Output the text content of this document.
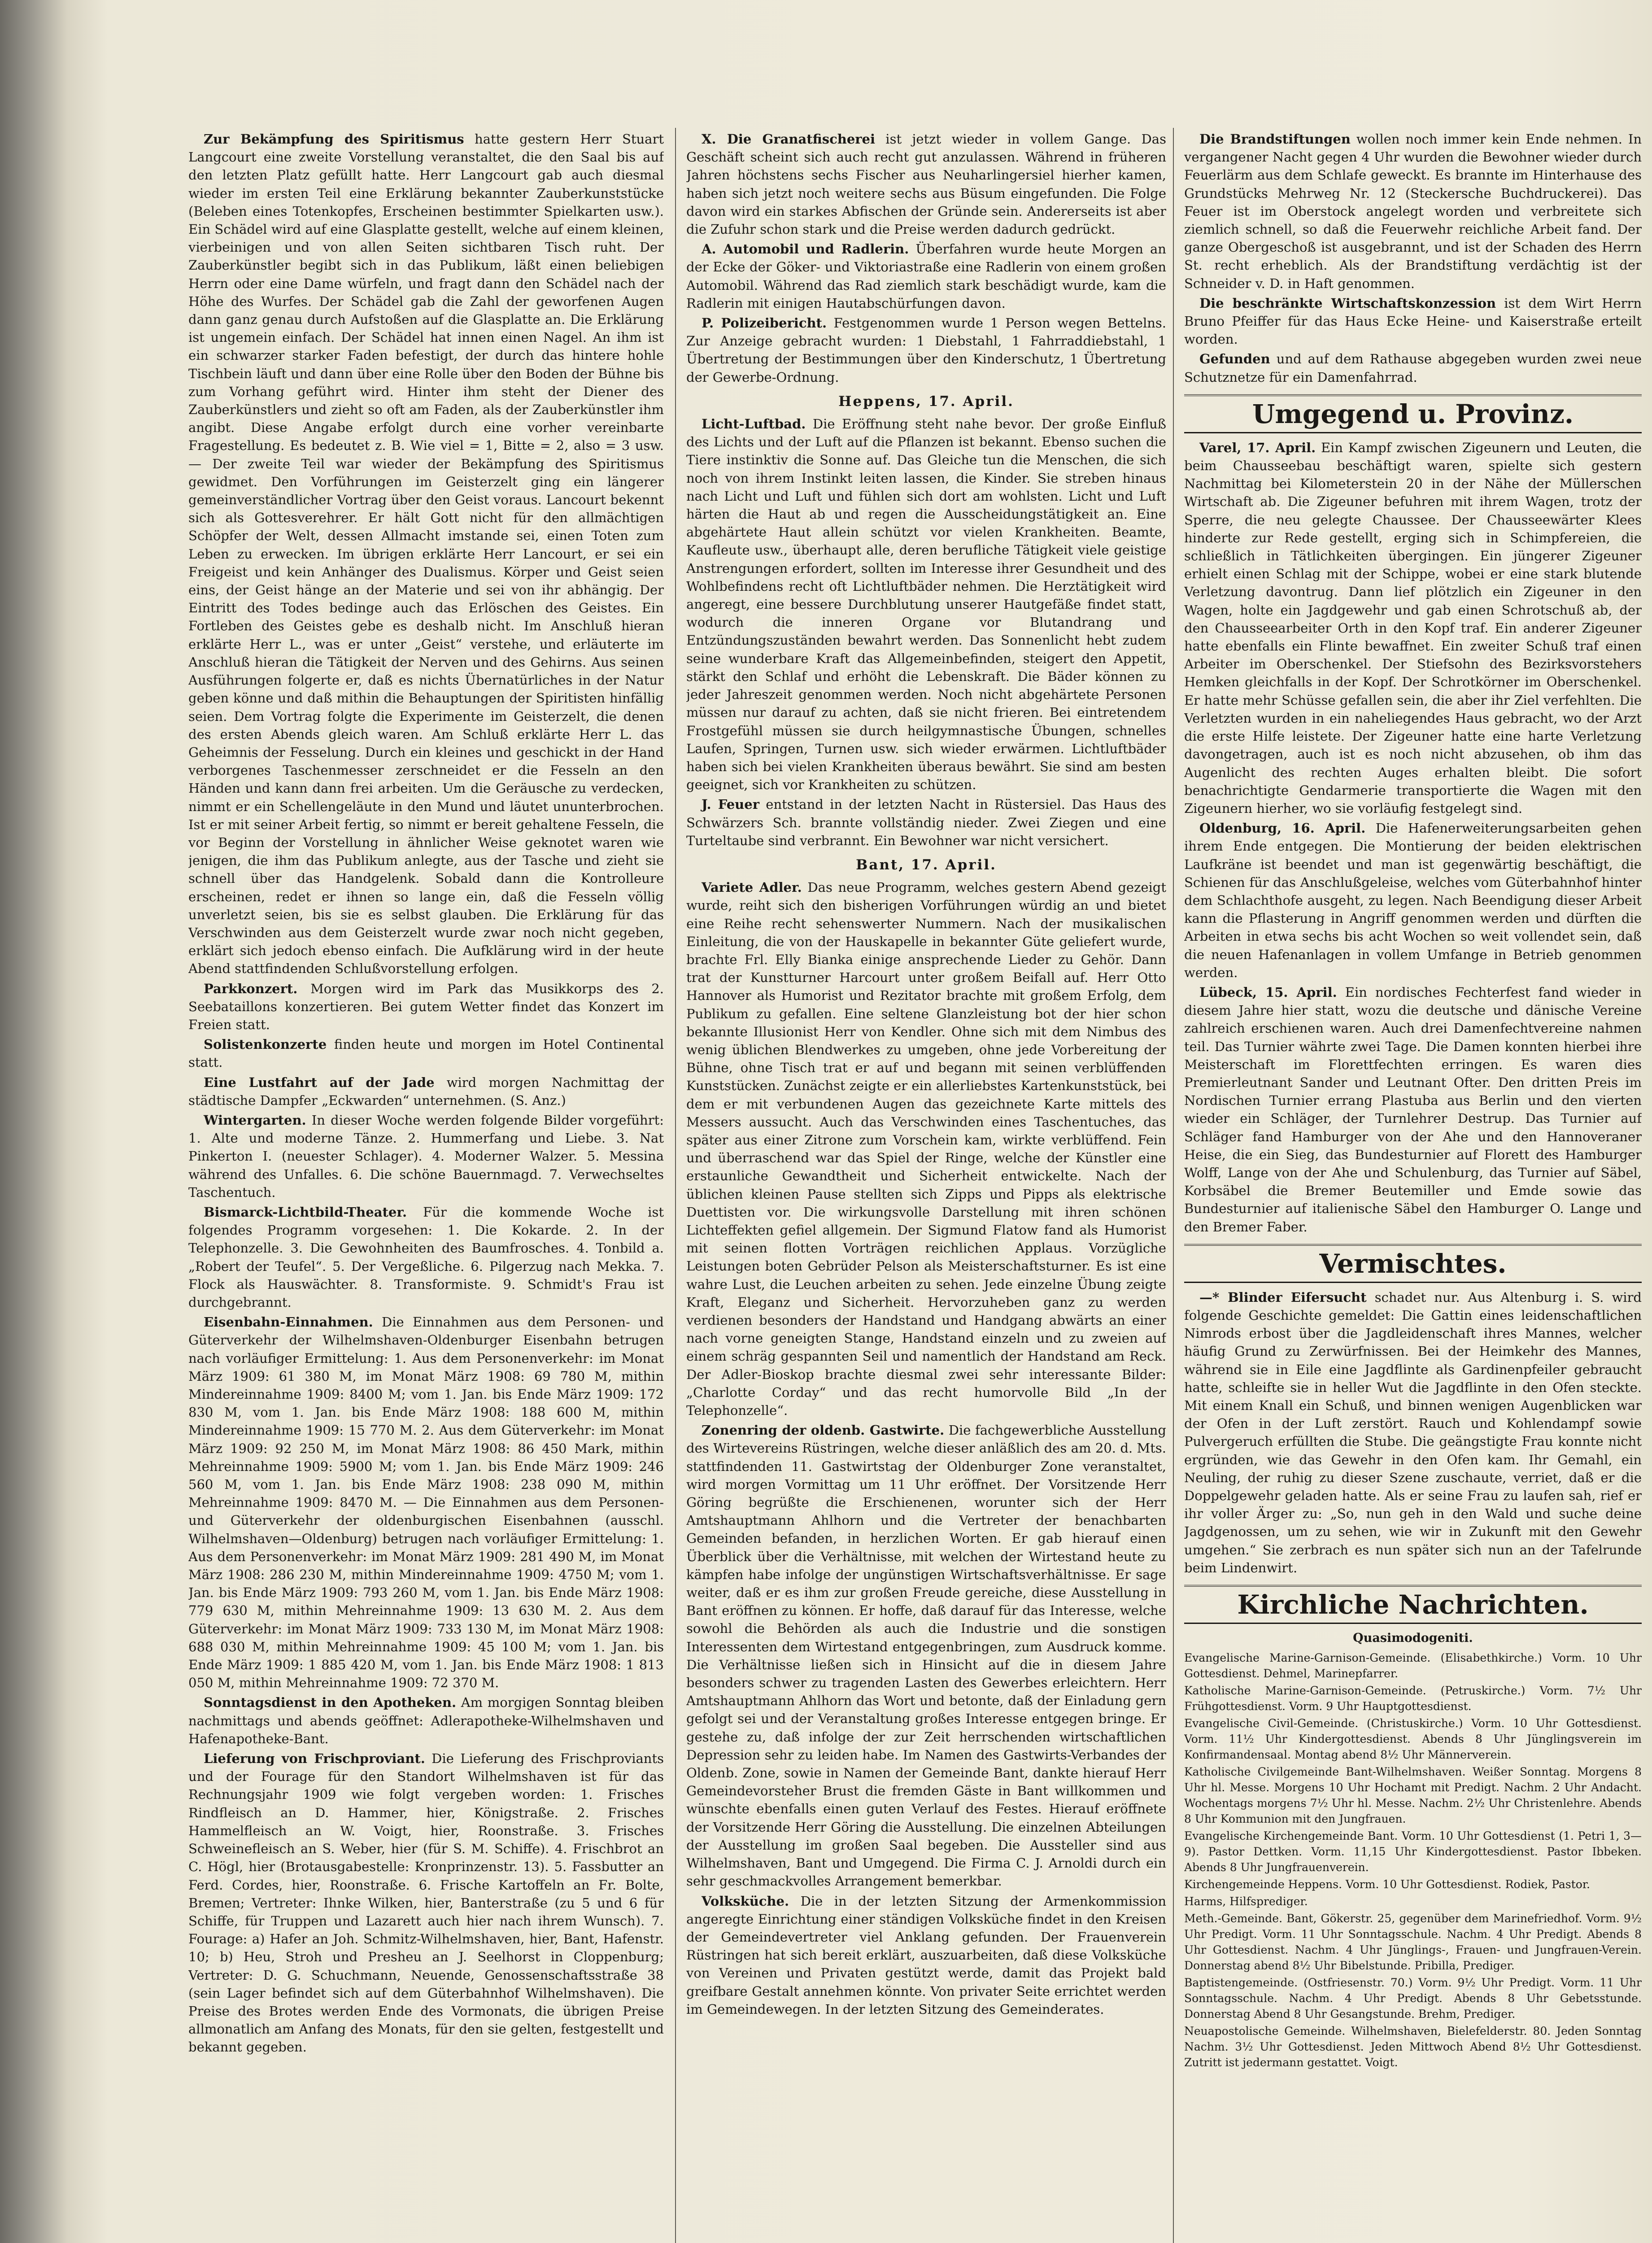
Zur Bekämpfung des Spiritismus hatte gestern Herr Stuart Langcourt eine zweite Vorstellung veranstaltet, die den Saal bis auf den letzten Platz gefüllt hatte. Herr Langcourt gab auch diesmal wieder im ersten Teil eine Erklärung bekannter Zauberkunststücke (Beleben eines Totenkopfes, Erscheinen bestimmter Spielkarten usw.). Ein Schädel wird auf eine Glasplatte gestellt, welche auf einem kleinen, vierbeinigen und von allen Seiten sichtbaren Tisch ruht. Der Zauberkünstler begibt sich in das Publikum, läßt einen beliebigen Herrn oder eine Dame würfeln, und fragt dann den Schädel nach der Höhe des Wurfes. Der Schädel gab die Zahl der geworfenen Augen dann ganz genau durch Aufstoßen auf die Glasplatte an. Die Erklärung ist ungemein einfach. Der Schädel hat innen einen Nagel. An ihm ist ein schwarzer starker Faden befestigt, der durch das hintere hohle Tischbein läuft und dann über eine Rolle über den Boden der Bühne bis zum Vorhang geführt wird. Hinter ihm steht der Diener des Zauberkünstlers und zieht so oft am Faden, als der Zauberkünstler ihm angibt. Diese Angabe erfolgt durch eine vorher vereinbarte Fragestellung. Es bedeutet z. B. Wie viel = 1, Bitte = 2, also = 3 usw. — Der zweite Teil war wieder der Bekämpfung des Spiritismus gewidmet. Den Vorführungen im Geisterzelt ging ein längerer gemeinverständlicher Vortrag über den Geist voraus. Lancourt bekennt sich als Gottesverehrer. Er hält Gott nicht für den allmächtigen Schöpfer der Welt, dessen Allmacht imstande sei, einen Toten zum Leben zu erwecken. Im übrigen erklärte Herr Lancourt, er sei ein Freigeist und kein Anhänger des Dualismus. Körper und Geist seien eins, der Geist hänge an der Materie und sei von ihr abhängig. Der Eintritt des Todes bedinge auch das Erlöschen des Geistes. Ein Fortleben des Geistes gebe es deshalb nicht. Im Anschluß hieran erklärte Herr L., was er unter „Geist“ verstehe, und erläuterte im Anschluß hieran die Tätigkeit der Nerven und des Gehirns. Aus seinen Ausführungen folgerte er, daß es nichts Übernatürliches in der Natur geben könne und daß mithin die Behauptungen der Spiritisten hinfällig seien. Dem Vortrag folgte die Experimente im Geisterzelt, die denen des ersten Abends gleich waren. Am Schluß erklärte Herr L. das Geheimnis der Fesselung. Durch ein kleines und geschickt in der Hand verborgenes Taschenmesser zerschneidet er die Fesseln an den Händen und kann dann frei arbeiten. Um die Geräusche zu verdecken, nimmt er ein Schellengeläute in den Mund und läutet ununterbrochen. Ist er mit seiner Arbeit fertig, so nimmt er bereit gehaltene Fesseln, die vor Beginn der Vorstellung in ähnlicher Weise geknotet waren wie jenigen, die ihm das Publikum anlegte, aus der Tasche und zieht sie schnell über das Handgelenk. Sobald dann die Kontrolleure erscheinen, redet er ihnen so lange ein, daß die Fesseln völlig unverletzt seien, bis sie es selbst glauben. Die Erklärung für das Verschwinden aus dem Geisterzelt wurde zwar noch nicht gegeben, erklärt sich jedoch ebenso einfach. Die Aufklärung wird in der heute Abend stattfindenden Schlußvorstellung erfolgen.

Parkkonzert. Morgen wird im Park das Musikkorps des 2. Seebataillons konzertieren. Bei gutem Wetter findet das Konzert im Freien statt.

Solistenkonzerte finden heute und morgen im Hotel Continental statt.

Eine Lustfahrt auf der Jade wird morgen Nachmittag der städtische Dampfer „Eckwarden“ unternehmen. (S. Anz.)

Wintergarten. In dieser Woche werden folgende Bilder vorgeführt: 1. Alte und moderne Tänze. 2. Hummerfang und Liebe. 3. Nat Pinkerton I. (neuester Schlager). 4. Moderner Walzer. 5. Messina während des Unfalles. 6. Die schöne Bauernmagd. 7. Verwechseltes Taschentuch.

Bismarck-Lichtbild-Theater. Für die kommende Woche ist folgendes Programm vorgesehen: 1. Die Kokarde. 2. In der Telephonzelle. 3. Die Gewohnheiten des Baumfrosches. 4. Tonbild a. „Robert der Teufel“. 5. Der Vergeßliche. 6. Pilgerzug nach Mekka. 7. Flock als Hauswächter. 8. Transformiste. 9. Schmidt's Frau ist durchgebrannt.

Eisenbahn-Einnahmen. Die Einnahmen aus dem Personen- und Güterverkehr der Wilhelmshaven-Oldenburger Eisenbahn betrugen nach vorläufiger Ermittelung: 1. Aus dem Personenverkehr: im Monat März 1909: 61 380 M, im Monat März 1908: 69 780 M, mithin Mindereinnahme 1909: 8400 M; vom 1. Jan. bis Ende März 1909: 172 830 M, vom 1. Jan. bis Ende März 1908: 188 600 M, mithin Mindereinnahme 1909: 15 770 M. 2. Aus dem Güterverkehr: im Monat März 1909: 92 250 M, im Monat März 1908: 86 450 Mark, mithin Mehreinnahme 1909: 5900 M; vom 1. Jan. bis Ende März 1909: 246 560 M, vom 1. Jan. bis Ende März 1908: 238 090 M, mithin Mehreinnahme 1909: 8470 M. — Die Einnahmen aus dem Personen- und Güterverkehr der oldenburgischen Eisenbahnen (ausschl. Wilhelmshaven—Oldenburg) betrugen nach vorläufiger Ermittelung: 1. Aus dem Personenverkehr: im Monat März 1909: 281 490 M, im Monat März 1908: 286 230 M, mithin Mindereinnahme 1909: 4750 M; vom 1. Jan. bis Ende März 1909: 793 260 M, vom 1. Jan. bis Ende März 1908: 779 630 M, mithin Mehreinnahme 1909: 13 630 M. 2. Aus dem Güterverkehr: im Monat März 1909: 733 130 M, im Monat März 1908: 688 030 M, mithin Mehreinnahme 1909: 45 100 M; vom 1. Jan. bis Ende März 1909: 1 885 420 M, vom 1. Jan. bis Ende März 1908: 1 813 050 M, mithin Mehreinnahme 1909: 72 370 M.

Sonntagsdienst in den Apotheken. Am morgigen Sonntag bleiben nachmittags und abends geöffnet: Adlerapotheke-Wilhelmshaven und Hafenapotheke-Bant.

Lieferung von Frischproviant. Die Lieferung des Frischproviants und der Fourage für den Standort Wilhelmshaven ist für das Rechnungsjahr 1909 wie folgt vergeben worden: 1. Frisches Rindfleisch an D. Hammer, hier, Königstraße. 2. Frisches Hammelfleisch an W. Voigt, hier, Roonstraße. 3. Frisches Schweinefleisch an S. Weber, hier (für S. M. Schiffe). 4. Frischbrot an C. Högl, hier (Brotausgabestelle: Kronprinzenstr. 13). 5. Fassbutter an Ferd. Cordes, hier, Roonstraße. 6. Frische Kartoffeln an Fr. Bolte, Bremen; Vertreter: Ihnke Wilken, hier, Banterstraße (zu 5 und 6 für Schiffe, für Truppen und Lazarett auch hier nach ihrem Wunsch). 7. Fourage: a) Hafer an Joh. Schmitz-Wilhelmshaven, hier, Bant, Hafenstr. 10; b) Heu, Stroh und Presheu an J. Seelhorst in Cloppenburg; Vertreter: D. G. Schuchmann, Neuende, Genossenschaftsstraße 38 (sein Lager befindet sich auf dem Güterbahnhof Wilhelmshaven). Die Preise des Brotes werden Ende des Vormonats, die übrigen Preise allmonatlich am Anfang des Monats, für den sie gelten, festgestellt und bekannt gegeben.

X. Die Granatfischerei ist jetzt wieder in vollem Gange. Das Geschäft scheint sich auch recht gut anzulassen. Während in früheren Jahren höchstens sechs Fischer aus Neuharlingersiel hierher kamen, haben sich jetzt noch weitere sechs aus Büsum eingefunden. Die Folge davon wird ein starkes Abfischen der Gründe sein. Andererseits ist aber die Zufuhr schon stark und die Preise werden dadurch gedrückt.

A. Automobil und Radlerin. Überfahren wurde heute Morgen an der Ecke der Göker- und Viktoriastraße eine Radlerin von einem großen Automobil. Während das Rad ziemlich stark beschädigt wurde, kam die Radlerin mit einigen Hautabschürfungen davon.

P. Polizeibericht. Festgenommen wurde 1 Person wegen Bettelns. Zur Anzeige gebracht wurden: 1 Diebstahl, 1 Fahrraddiebstahl, 1 Übertretung der Bestimmungen über den Kinderschutz, 1 Übertretung der Gewerbe-Ordnung.

Heppens, 17. April.

Licht-Luftbad. Die Eröffnung steht nahe bevor. Der große Einfluß des Lichts und der Luft auf die Pflanzen ist bekannt. Ebenso suchen die Tiere instinktiv die Sonne auf. Das Gleiche tun die Menschen, die sich noch von ihrem Instinkt leiten lassen, die Kinder. Sie streben hinaus nach Licht und Luft und fühlen sich dort am wohlsten. Licht und Luft härten die Haut ab und regen die Ausscheidungstätigkeit an. Eine abgehärtete Haut allein schützt vor vielen Krankheiten. Beamte, Kaufleute usw., überhaupt alle, deren berufliche Tätigkeit viele geistige Anstrengungen erfordert, sollten im Interesse ihrer Gesundheit und des Wohlbefindens recht oft Lichtluftbäder nehmen. Die Herztätigkeit wird angeregt, eine bessere Durchblutung unserer Hautgefäße findet statt, wodurch die inneren Organe vor Blutandrang und Entzündungszuständen bewahrt werden. Das Sonnenlicht hebt zudem seine wunderbare Kraft das Allgemeinbefinden, steigert den Appetit, stärkt den Schlaf und erhöht die Lebenskraft. Die Bäder können zu jeder Jahreszeit genommen werden. Noch nicht abgehärtete Personen müssen nur darauf zu achten, daß sie nicht frieren. Bei eintretendem Frostgefühl müssen sie durch heilgymnastische Übungen, schnelles Laufen, Springen, Turnen usw. sich wieder erwärmen. Lichtluftbäder haben sich bei vielen Krankheiten überaus bewährt. Sie sind am besten geeignet, sich vor Krankheiten zu schützen.

J. Feuer entstand in der letzten Nacht in Rüstersiel. Das Haus des Schwärzers Sch. brannte vollständig nieder. Zwei Ziegen und eine Turteltaube sind verbrannt. Ein Bewohner war nicht versichert.

Bant, 17. April.

Variete Adler. Das neue Programm, welches gestern Abend gezeigt wurde, reiht sich den bisherigen Vorführungen würdig an und bietet eine Reihe recht sehenswerter Nummern. Nach der musikalischen Einleitung, die von der Hauskapelle in bekannter Güte geliefert wurde, brachte Frl. Elly Bianka einige ansprechende Lieder zu Gehör. Dann trat der Kunstturner Harcourt unter großem Beifall auf. Herr Otto Hannover als Humorist und Rezitator brachte mit großem Erfolg, dem Publikum zu gefallen. Eine seltene Glanzleistung bot der hier schon bekannte Illusionist Herr von Kendler. Ohne sich mit dem Nimbus des wenig üblichen Blendwerkes zu umgeben, ohne jede Vorbereitung der Bühne, ohne Tisch trat er auf und begann mit seinen verblüffenden Kunststücken. Zunächst zeigte er ein allerliebstes Kartenkunststück, bei dem er mit verbundenen Augen das gezeichnete Karte mittels des Messers aussucht. Auch das Verschwinden eines Taschentuches, das später aus einer Zitrone zum Vorschein kam, wirkte verblüffend. Fein und überraschend war das Spiel der Ringe, welche der Künstler eine erstaunliche Gewandtheit und Sicherheit entwickelte. Nach der üblichen kleinen Pause stellten sich Zipps und Pipps als elektrische Duettisten vor. Die wirkungsvolle Darstellung mit ihren schönen Lichteffekten gefiel allgemein. Der Sigmund Flatow fand als Humorist mit seinen flotten Vorträgen reichlichen Applaus. Vorzügliche Leistungen boten Gebrüder Pelson als Meisterschaftsturner. Es ist eine wahre Lust, die Leuchen arbeiten zu sehen. Jede einzelne Übung zeigte Kraft, Eleganz und Sicherheit. Hervorzuheben ganz zu werden verdienen besonders der Handstand und Handgang abwärts an einer nach vorne geneigten Stange, Handstand einzeln und zu zweien auf einem schräg gespannten Seil und namentlich der Handstand am Reck. Der Adler-Bioskop brachte diesmal zwei sehr interessante Bilder: „Charlotte Corday“ und das recht humorvolle Bild „In der Telephonzelle“.

Zonenring der oldenb. Gastwirte. Die fachgewerbliche Ausstellung des Wirtevereins Rüstringen, welche dieser anläßlich des am 20. d. Mts. stattfindenden 11. Gastwirtstag der Oldenburger Zone veranstaltet, wird morgen Vormittag um 11 Uhr eröffnet. Der Vorsitzende Herr Göring begrüßte die Erschienenen, worunter sich der Herr Amtshauptmann Ahlhorn und die Vertreter der benachbarten Gemeinden befanden, in herzlichen Worten. Er gab hierauf einen Überblick über die Verhältnisse, mit welchen der Wirtestand heute zu kämpfen habe infolge der ungünstigen Wirtschaftsverhältnisse. Er sage weiter, daß er es ihm zur großen Freude gereiche, diese Ausstellung in Bant eröffnen zu können. Er hoffe, daß darauf für das Interesse, welche sowohl die Behörden als auch die Industrie und die sonstigen Interessenten dem Wirtestand entgegenbringen, zum Ausdruck komme. Die Verhältnisse ließen sich in Hinsicht auf die in diesem Jahre besonders schwer zu tragenden Lasten des Gewerbes erleichtern. Herr Amtshauptmann Ahlhorn das Wort und betonte, daß der Einladung gern gefolgt sei und der Veranstaltung großes Interesse entgegen bringe. Er gestehe zu, daß infolge der zur Zeit herrschenden wirtschaftlichen Depression sehr zu leiden habe. Im Namen des Gastwirts-Verbandes der Oldenb. Zone, sowie in Namen der Gemeinde Bant, dankte hierauf Herr Gemeindevorsteher Brust die fremden Gäste in Bant willkommen und wünschte ebenfalls einen guten Verlauf des Festes. Hierauf eröffnete der Vorsitzende Herr Göring die Ausstellung. Die einzelnen Abteilungen der Ausstellung im großen Saal begeben. Die Aussteller sind aus Wilhelmshaven, Bant und Umgegend. Die Firma C. J. Arnoldi durch ein sehr geschmackvolles Arrangement bemerkbar.

Volksküche. Die in der letzten Sitzung der Armenkommission angeregte Einrichtung einer ständigen Volksküche findet in den Kreisen der Gemeindevertreter viel Anklang gefunden. Der Frauenverein Rüstringen hat sich bereit erklärt, auszuarbeiten, daß diese Volksküche von Vereinen und Privaten gestützt werde, damit das Projekt bald greifbare Gestalt annehmen könnte. Von privater Seite errichtet werden im Gemeindewegen. In der letzten Sitzung des Gemeinderates.

Die Brandstiftungen wollen noch immer kein Ende nehmen. In vergangener Nacht gegen 4 Uhr wurden die Bewohner wieder durch Feuerlärm aus dem Schlafe geweckt. Es brannte im Hinterhause des Grundstücks Mehrweg Nr. 12 (Steckersche Buchdruckerei). Das Feuer ist im Oberstock angelegt worden und verbreitete sich ziemlich schnell, so daß die Feuerwehr reichliche Arbeit fand. Der ganze Obergeschoß ist ausgebrannt, und ist der Schaden des Herrn St. recht erheblich. Als der Brandstiftung verdächtig ist der Schneider v. D. in Haft genommen.

Die beschränkte Wirtschaftskonzession ist dem Wirt Herrn Bruno Pfeiffer für das Haus Ecke Heine- und Kaiserstraße erteilt worden.

Gefunden und auf dem Rathause abgegeben wurden zwei neue Schutznetze für ein Damenfahrrad.

Umgegend u. Provinz.

Varel, 17. April. Ein Kampf zwischen Zigeunern und Leuten, die beim Chausseebau beschäftigt waren, spielte sich gestern Nachmittag bei Kilometerstein 20 in der Nähe der Müllerschen Wirtschaft ab. Die Zigeuner befuhren mit ihrem Wagen, trotz der Sperre, die neu gelegte Chaussee. Der Chausseewärter Klees hinderte zur Rede gestellt, erging sich in Schimpfereien, die schließlich in Tätlichkeiten übergingen. Ein jüngerer Zigeuner erhielt einen Schlag mit der Schippe, wobei er eine stark blutende Verletzung davontrug. Dann lief plötzlich ein Zigeuner in den Wagen, holte ein Jagdgewehr und gab einen Schrotschuß ab, der den Chausseearbeiter Orth in den Kopf traf. Ein anderer Zigeuner hatte ebenfalls ein Flinte bewaffnet. Ein zweiter Schuß traf einen Arbeiter im Oberschenkel. Der Stiefsohn des Bezirksvorstehers Hemken gleichfalls in der Kopf. Der Schrotkörner im Oberschenkel. Er hatte mehr Schüsse gefallen sein, die aber ihr Ziel verfehlten. Die Verletzten wurden in ein naheliegendes Haus gebracht, wo der Arzt die erste Hilfe leistete. Der Zigeuner hatte eine harte Verletzung davongetragen, auch ist es noch nicht abzusehen, ob ihm das Augenlicht des rechten Auges erhalten bleibt. Die sofort benachrichtigte Gendarmerie transportierte die Wagen mit den Zigeunern hierher, wo sie vorläufig festgelegt sind.

Oldenburg, 16. April. Die Hafenerweiterungsarbeiten gehen ihrem Ende entgegen. Die Montierung der beiden elektrischen Laufkräne ist beendet und man ist gegenwärtig beschäftigt, die Schienen für das Anschlußgeleise, welches vom Güterbahnhof hinter dem Schlachthofe ausgeht, zu legen. Nach Beendigung dieser Arbeit kann die Pflasterung in Angriff genommen werden und dürften die Arbeiten in etwa sechs bis acht Wochen so weit vollendet sein, daß die neuen Hafenanlagen in vollem Umfange in Betrieb genommen werden.

Lübeck, 15. April. Ein nordisches Fechterfest fand wieder in diesem Jahre hier statt, wozu die deutsche und dänische Vereine zahlreich erschienen waren. Auch drei Damenfechtvereine nahmen teil. Das Turnier währte zwei Tage. Die Damen konnten hierbei ihre Meisterschaft im Florettfechten erringen. Es waren dies Premierleutnant Sander und Leutnant Ofter. Den dritten Preis im Nordischen Turnier errang Plastuba aus Berlin und den vierten wieder ein Schläger, der Turnlehrer Destrup. Das Turnier auf Schläger fand Hamburger von der Ahe und den Hannoveraner Heise, die ein Sieg, das Bundesturnier auf Florett des Hamburger Wolff, Lange von der Ahe und Schulenburg, das Turnier auf Säbel, Korbsäbel die Bremer Beutemiller und Emde sowie das Bundesturnier auf italienische Säbel den Hamburger O. Lange und den Bremer Faber.

Vermischtes.

—* Blinder Eifersucht schadet nur. Aus Altenburg i. S. wird folgende Geschichte gemeldet: Die Gattin eines leidenschaftlichen Nimrods erbost über die Jagdleidenschaft ihres Mannes, welcher häufig Grund zu Zerwürfnissen. Bei der Heimkehr des Mannes, während sie in Eile eine Jagdflinte als Gardinenpfeiler gebraucht hatte, schleifte sie in heller Wut die Jagdflinte in den Ofen steckte. Mit einem Knall ein Schuß, und binnen wenigen Augenblicken war der Ofen in der Luft zerstört. Rauch und Kohlendampf sowie Pulvergeruch erfüllten die Stube. Die geängstigte Frau konnte nicht ergründen, wie das Gewehr in den Ofen kam. Ihr Gemahl, ein Neuling, der ruhig zu dieser Szene zuschaute, verriet, daß er die Doppelgewehr geladen hatte. Als er seine Frau zu laufen sah, rief er ihr voller Ärger zu: „So, nun geh in den Wald und suche deine Jagdgenossen, um zu sehen, wie wir in Zukunft mit den Gewehr umgehen.“ Sie zerbrach es nun später sich nun an der Tafelrunde beim Lindenwirt.

Kirchliche Nachrichten.
Quasimodogeniti.

Evangelische Marine-Garnison-Gemeinde. (Elisabethkirche.) Vorm. 10 Uhr Gottesdienst. Dehmel, Marinepfarrer.

Katholische Marine-Garnison-Gemeinde. (Petruskirche.) Vorm. 7½ Uhr Frühgottesdienst. Vorm. 9 Uhr Hauptgottesdienst.

Evangelische Civil-Gemeinde. (Christuskirche.) Vorm. 10 Uhr Gottesdienst. Vorm. 11½ Uhr Kindergottesdienst. Abends 8 Uhr Jünglingsverein im Konfirmandensaal. Montag abend 8½ Uhr Männerverein.

Katholische Civilgemeinde Bant-Wilhelmshaven. Weißer Sonntag. Morgens 8 Uhr hl. Messe. Morgens 10 Uhr Hochamt mit Predigt. Nachm. 2 Uhr Andacht. Wochentags morgens 7½ Uhr hl. Messe. Nachm. 2½ Uhr Christenlehre. Abends 8 Uhr Kommunion mit den Jungfrauen.

Evangelische Kirchengemeinde Bant. Vorm. 10 Uhr Gottesdienst (1. Petri 1, 3—9). Pastor Dettken. Vorm. 11,15 Uhr Kindergottesdienst. Pastor Ibbeken. Abends 8 Uhr Jungfrauenverein.

Kirchengemeinde Heppens. Vorm. 10 Uhr Gottesdienst. Rodiek, Pastor.

Harms, Hilfsprediger.

Meth.-Gemeinde. Bant, Gökerstr. 25, gegenüber dem Marinefriedhof. Vorm. 9½ Uhr Predigt. Vorm. 11 Uhr Sonntagsschule. Nachm. 4 Uhr Predigt. Abends 8 Uhr Gottesdienst. Nachm. 4 Uhr Jünglings-, Frauen- und Jungfrauen-Verein. Donnerstag abend 8½ Uhr Bibelstunde. Pribilla, Prediger.

Baptistengemeinde. (Ostfriesenstr. 70.) Vorm. 9½ Uhr Predigt. Vorm. 11 Uhr Sonntagsschule. Nachm. 4 Uhr Predigt. Abends 8 Uhr Gebetsstunde. Donnerstag Abend 8 Uhr Gesangstunde. Brehm, Prediger.

Neuapostolische Gemeinde. Wilhelmshaven, Bielefelderstr. 80. Jeden Sonntag Nachm. 3½ Uhr Gottesdienst. Jeden Mittwoch Abend 8½ Uhr Gottesdienst. Zutritt ist jedermann gestattet. Voigt.
